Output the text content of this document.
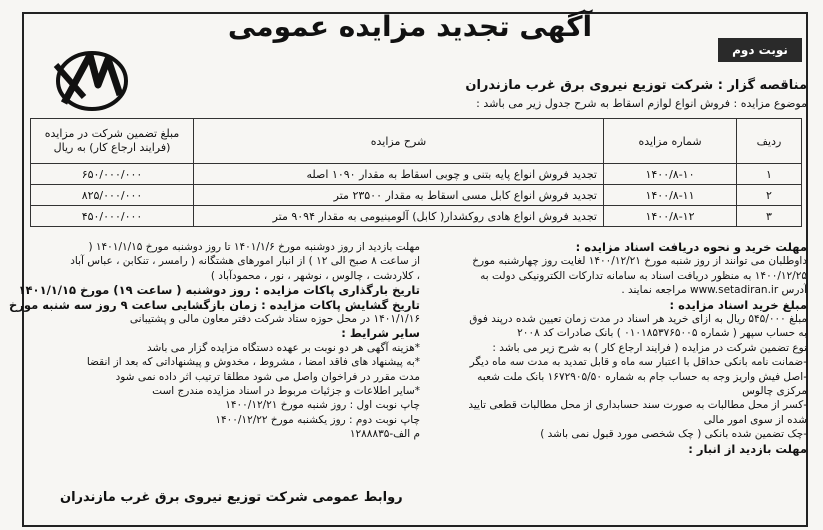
نوبت دوم
آگهی تجدید مزایده عمومی
مناقصه گزار : شرکت توزیع نیروی برق غرب مازندران
موضوع مزایده : فروش انواع لوازم اسقاط به شرح جدول زیر می باشد :
ردیف	شماره مزایده	شرح مزایده	مبلغ تضمین شرکت در مزایده
(فرایند ارجاع کار) به ریال
۱	۱۴۰۰/۸-۱۰	تجدید فروش انواع پایه بتنی و چوبی اسقاط به مقدار ۱۰۹۰ اصله	۶۵۰/۰۰۰/۰۰۰
۲	۱۴۰۰/۸-۱۱	تجدید فروش انواع کابل مسی اسقاط به مقدار ۲۳۵۰۰ متر	۸۲۵/۰۰۰/۰۰۰
۳	۱۴۰۰/۸-۱۲	تجدید فروش انواع هادی روکشدار( کابل) آلومینیومی به مقدار ۹۰۹۴ متر	۴۵۰/۰۰۰/۰۰۰
مهلت خرید و نحوه دریافت اسناد مزایده :
داوطلبان می توانند از روز شنبه مورخ ۱۴۰۰/۱۲/۲۱ لغایت روز چهارشنبه مورخ
۱۴۰۰/۱۲/۲۵ به منظور دریافت اسناد به سامانه تدارکات الکترونیکی دولت به
آدرس www.setadiran.ir مراجعه نمایند .
مبلغ خرید اسناد مزایده :
مبلغ ۵۴۵/۰۰۰ ریال به ازای خرید هر اسناد در مدت زمان تعیین شده درپند فوق
به حساب سپهر ( شماره ۰۱۰۱۸۵۳۷۶۵۰۰۵ ) بانک صادرات کد ۲۰۰۸
نوع تضمین شرکت در مزایده ( فرایند ارجاع کار ) به شرح زیر می باشد :
-ضمانت نامه بانکی حداقل با اعتبار سه ماه و قابل تمدید به مدت سه ماه دیگر
-اصل فیش واریز وجه به حساب جام به شماره ۱۶۷۲۹۰۵/۵۰ بانک ملت شعبه
مرکزی چالوس
-کسر از محل مطالبات به صورت سند حسابداری از محل مطالبات قطعی تایید
شده از سوی امور مالی
-چک تضمین شده بانکی ( چک شخصی مورد قبول نمی باشد )
مهلت بازدید از انبار :
مهلت بازدید از روز دوشنبه مورخ ۱۴۰۱/۱/۶ تا روز دوشنبه مورخ ۱۴۰۱/۱/۱۵ (
از ساعت ۸ صبح الی ۱۲ ) از انبار امورهای هشتگانه ( رامسر ، تنکابن ، عباس آباد
، کلاردشت ، چالوس ، نوشهر ، نور ، محمودآباد )
تاریخ بارگذاری پاکات مزایده : روز دوشنبه ( ساعت ۱۹) مورخ ۱۴۰۱/۱/۱۵
تاریخ گشایش پاکات مزایده : زمان بازگشایی ساعت ۹ روز سه شنبه مورخ
۱۴۰۱/۱/۱۶ در محل حوزه ستاد شرکت دفتر معاون مالی و پشتیبانی
سایر شرایط :
*هزینه آگهی هر دو نوبت بر عهده دستگاه مزایده گزار می باشد
*به پیشنهاد های فاقد امضا ، مشروط ، مخدوش و پیشنهاداتی که بعد از انقضا
مدت مقرر در فراخوان واصل می شود مطلقا ترتیب اثر داده نمی شود
*سایر اطلاعات و جزئیات مربوط در اسناد مزایده مندرج است
چاپ نوبت اول : روز شنبه مورخ ۱۴۰۰/۱۲/۲۱
چاپ نوبت دوم : روز یکشنبه مورخ ۱۴۰۰/۱۲/۲۲
م الف-۱۲۸۸۸۳۵
روابط عمومی شرکت توزیع نیروی برق غرب مازندران
